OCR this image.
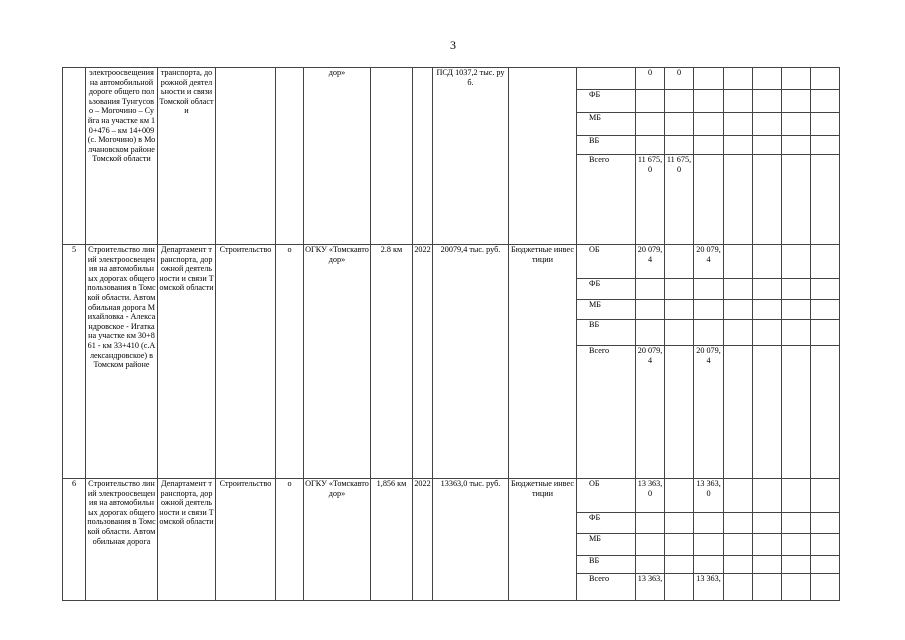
3
	электроосвещения на автомобильной дороге общего пользования Тунгусово – Могочино – Суйга на участке км 10+476 – км 14+009 (с. Могочино) в Молчановском районе Томской области	транспорта, дорожной деятельности и связи Томской области			дор»			ПСД 1037,2 тыс. руб.			0	0					
										ФБ							
										МБ							
										ВБ							
										Всего	11 675, 0	11 675, 0					
5	Строительство линий электроосвещения на автомобильных дорогах общего пользования в Томской области. Автомобильная дорога Михайловка - Александровское - Игатка на участке км 30+861 - км 33+410 (с.Александровское) в Томском районе	Департамент транспорта, дорожной деятельности и связи Томской области	Строительство	о	ОГКУ «Томскавтодор»	2.8 км	2022	20079,4 тыс. руб.	Бюджетные инвестиции	ОБ	20 079, 4		20 079, 4				
										ФБ							
										МБ							
										ВБ							
										Всего	20 079, 4		20 079, 4				
6	Строительство линий электроосвещения на автомобильных дорогах общего пользования в Томской области. Автомобильная дорога	Департамент транспорта, дорожной деятельности и связи Томской области	Строительство	о	ОГКУ «Томскавтодор»	1,856 км	2022	13363,0 тыс. руб.	Бюджетные инвестиции	ОБ	13 363, 0		13 363, 0				
										ФБ							
										МБ							
										ВБ							
										Всего	13 363,		13 363,				
